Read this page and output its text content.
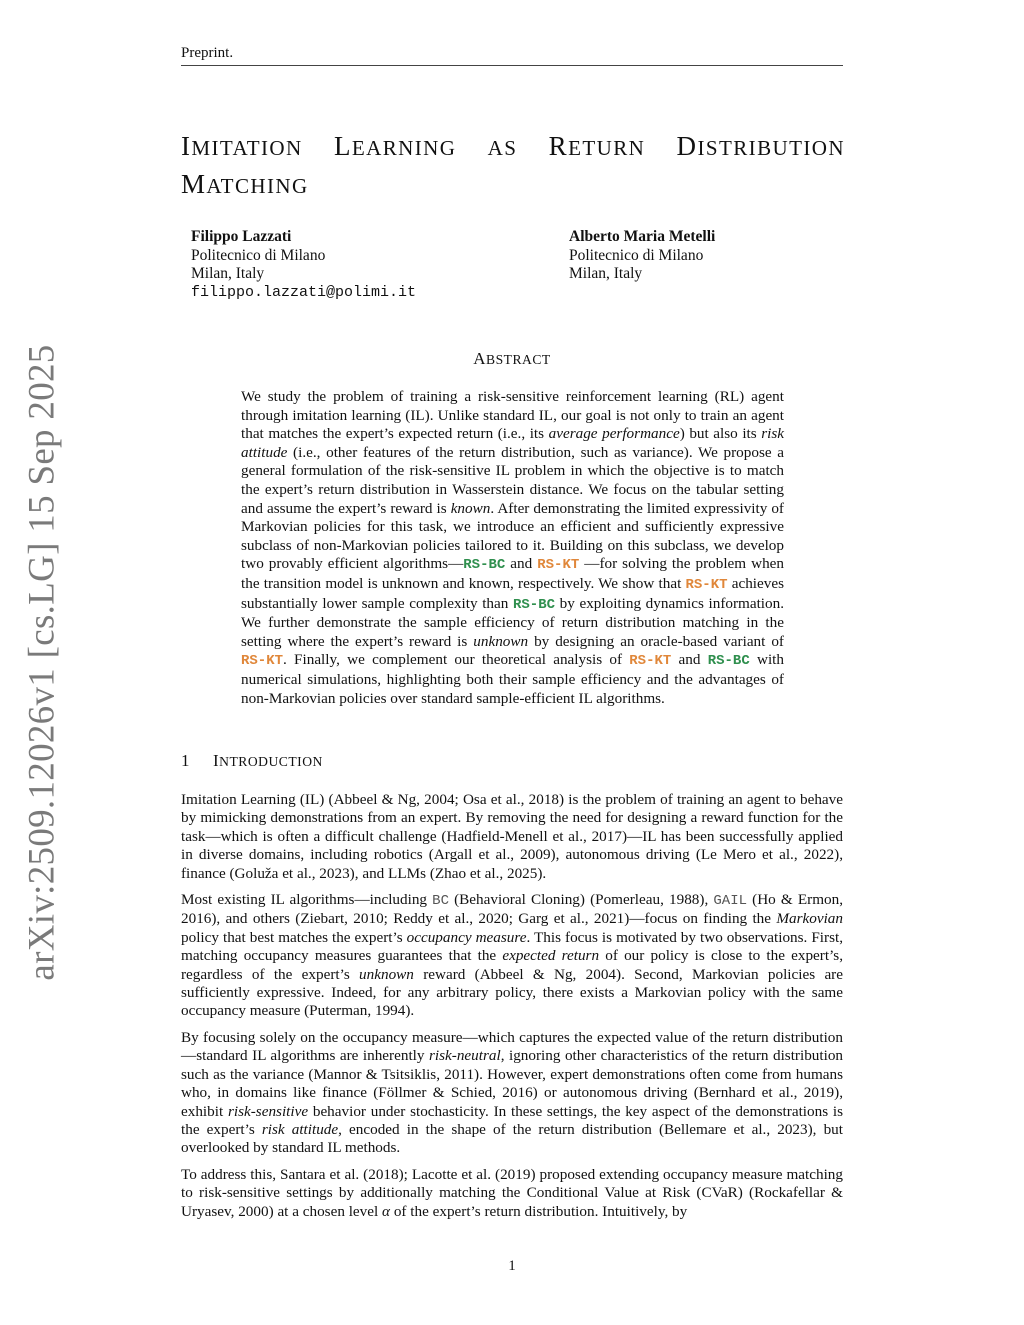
Preprint.
arXiv:2509.12026v1 [cs.LG] 15 Sep 2025
IMITATION LEARNING AS RETURN DISTRIBUTION
MATCHING
Filippo Lazzati
Politecnico di Milano
Milan, Italy
filippo.lazzati@polimi.it
Alberto Maria Metelli
Politecnico di Milano
Milan, Italy
ABSTRACT
We study the problem of training a risk-sensitive reinforcement learning (RL) agent through imitation learning (IL). Unlike standard IL, our goal is not only to train an agent that matches the expert’s expected return (i.e., its average performance) but also its risk attitude (i.e., other features of the return distribution, such as variance). We propose a general formulation of the risk-sensitive IL problem in which the objective is to match the expert’s return distribution in Wasserstein distance. We focus on the tabular setting and assume the expert’s reward is known. After demonstrating the limited expressivity of Markovian policies for this task, we introduce an efficient and sufficiently expressive subclass of non-Markovian policies tailored to it. Building on this subclass, we develop two provably efficient algorithms—RS-BC and RS-KT —for solving the problem when the transition model is unknown and known, respectively. We show that RS-KT achieves substantially lower sample complexity than RS-BC by exploiting dynamics information. We further demonstrate the sample efficiency of return distribution matching in the setting where the expert’s reward is unknown by designing an oracle-based variant of RS-KT. Finally, we complement our theoretical analysis of RS-KT and RS-BC with numerical simulations, highlighting both their sample efficiency and the advantages of non-Markovian policies over standard sample-efficient IL algorithms.
1 INTRODUCTION

Imitation Learning (IL) (Abbeel & Ng, 2004; Osa et al., 2018) is the problem of training an agent to behave by mimicking demonstrations from an expert. By removing the need for designing a reward function for the task—which is often a difficult challenge (Hadfield-Menell et al., 2017)—IL has been successfully applied in diverse domains, including robotics (Argall et al., 2009), autonomous driving (Le Mero et al., 2022), finance (Goluža et al., 2023), and LLMs (Zhao et al., 2025).

Most existing IL algorithms—including BC (Behavioral Cloning) (Pomerleau, 1988), GAIL (Ho & Ermon, 2016), and others (Ziebart, 2010; Reddy et al., 2020; Garg et al., 2021)—focus on finding the Markovian policy that best matches the expert’s occupancy measure. This focus is motivated by two observations. First, matching occupancy measures guarantees that the expected return of our policy is close to the expert’s, regardless of the expert’s unknown reward (Abbeel & Ng, 2004). Second, Markovian policies are sufficiently expressive. Indeed, for any arbitrary policy, there exists a Markovian policy with the same occupancy measure (Puterman, 1994).

By focusing solely on the occupancy measure—which captures the expected value of the return distribution—standard IL algorithms are inherently risk-neutral, ignoring other characteristics of the return distribution such as the variance (Mannor & Tsitsiklis, 2011). However, expert demonstrations often come from humans who, in domains like finance (Föllmer & Schied, 2016) or autonomous driving (Bernhard et al., 2019), exhibit risk-sensitive behavior under stochasticity. In these settings, the key aspect of the demonstrations is the expert’s risk attitude, encoded in the shape of the return distribution (Bellemare et al., 2023), but overlooked by standard IL methods.

To address this, Santara et al. (2018); Lacotte et al. (2019) proposed extending occupancy measure matching to risk-sensitive settings by additionally matching the Conditional Value at Risk (CVaR) (Rockafellar & Uryasev, 2000) at a chosen level α of the expert’s return distribution. Intuitively, by

1
